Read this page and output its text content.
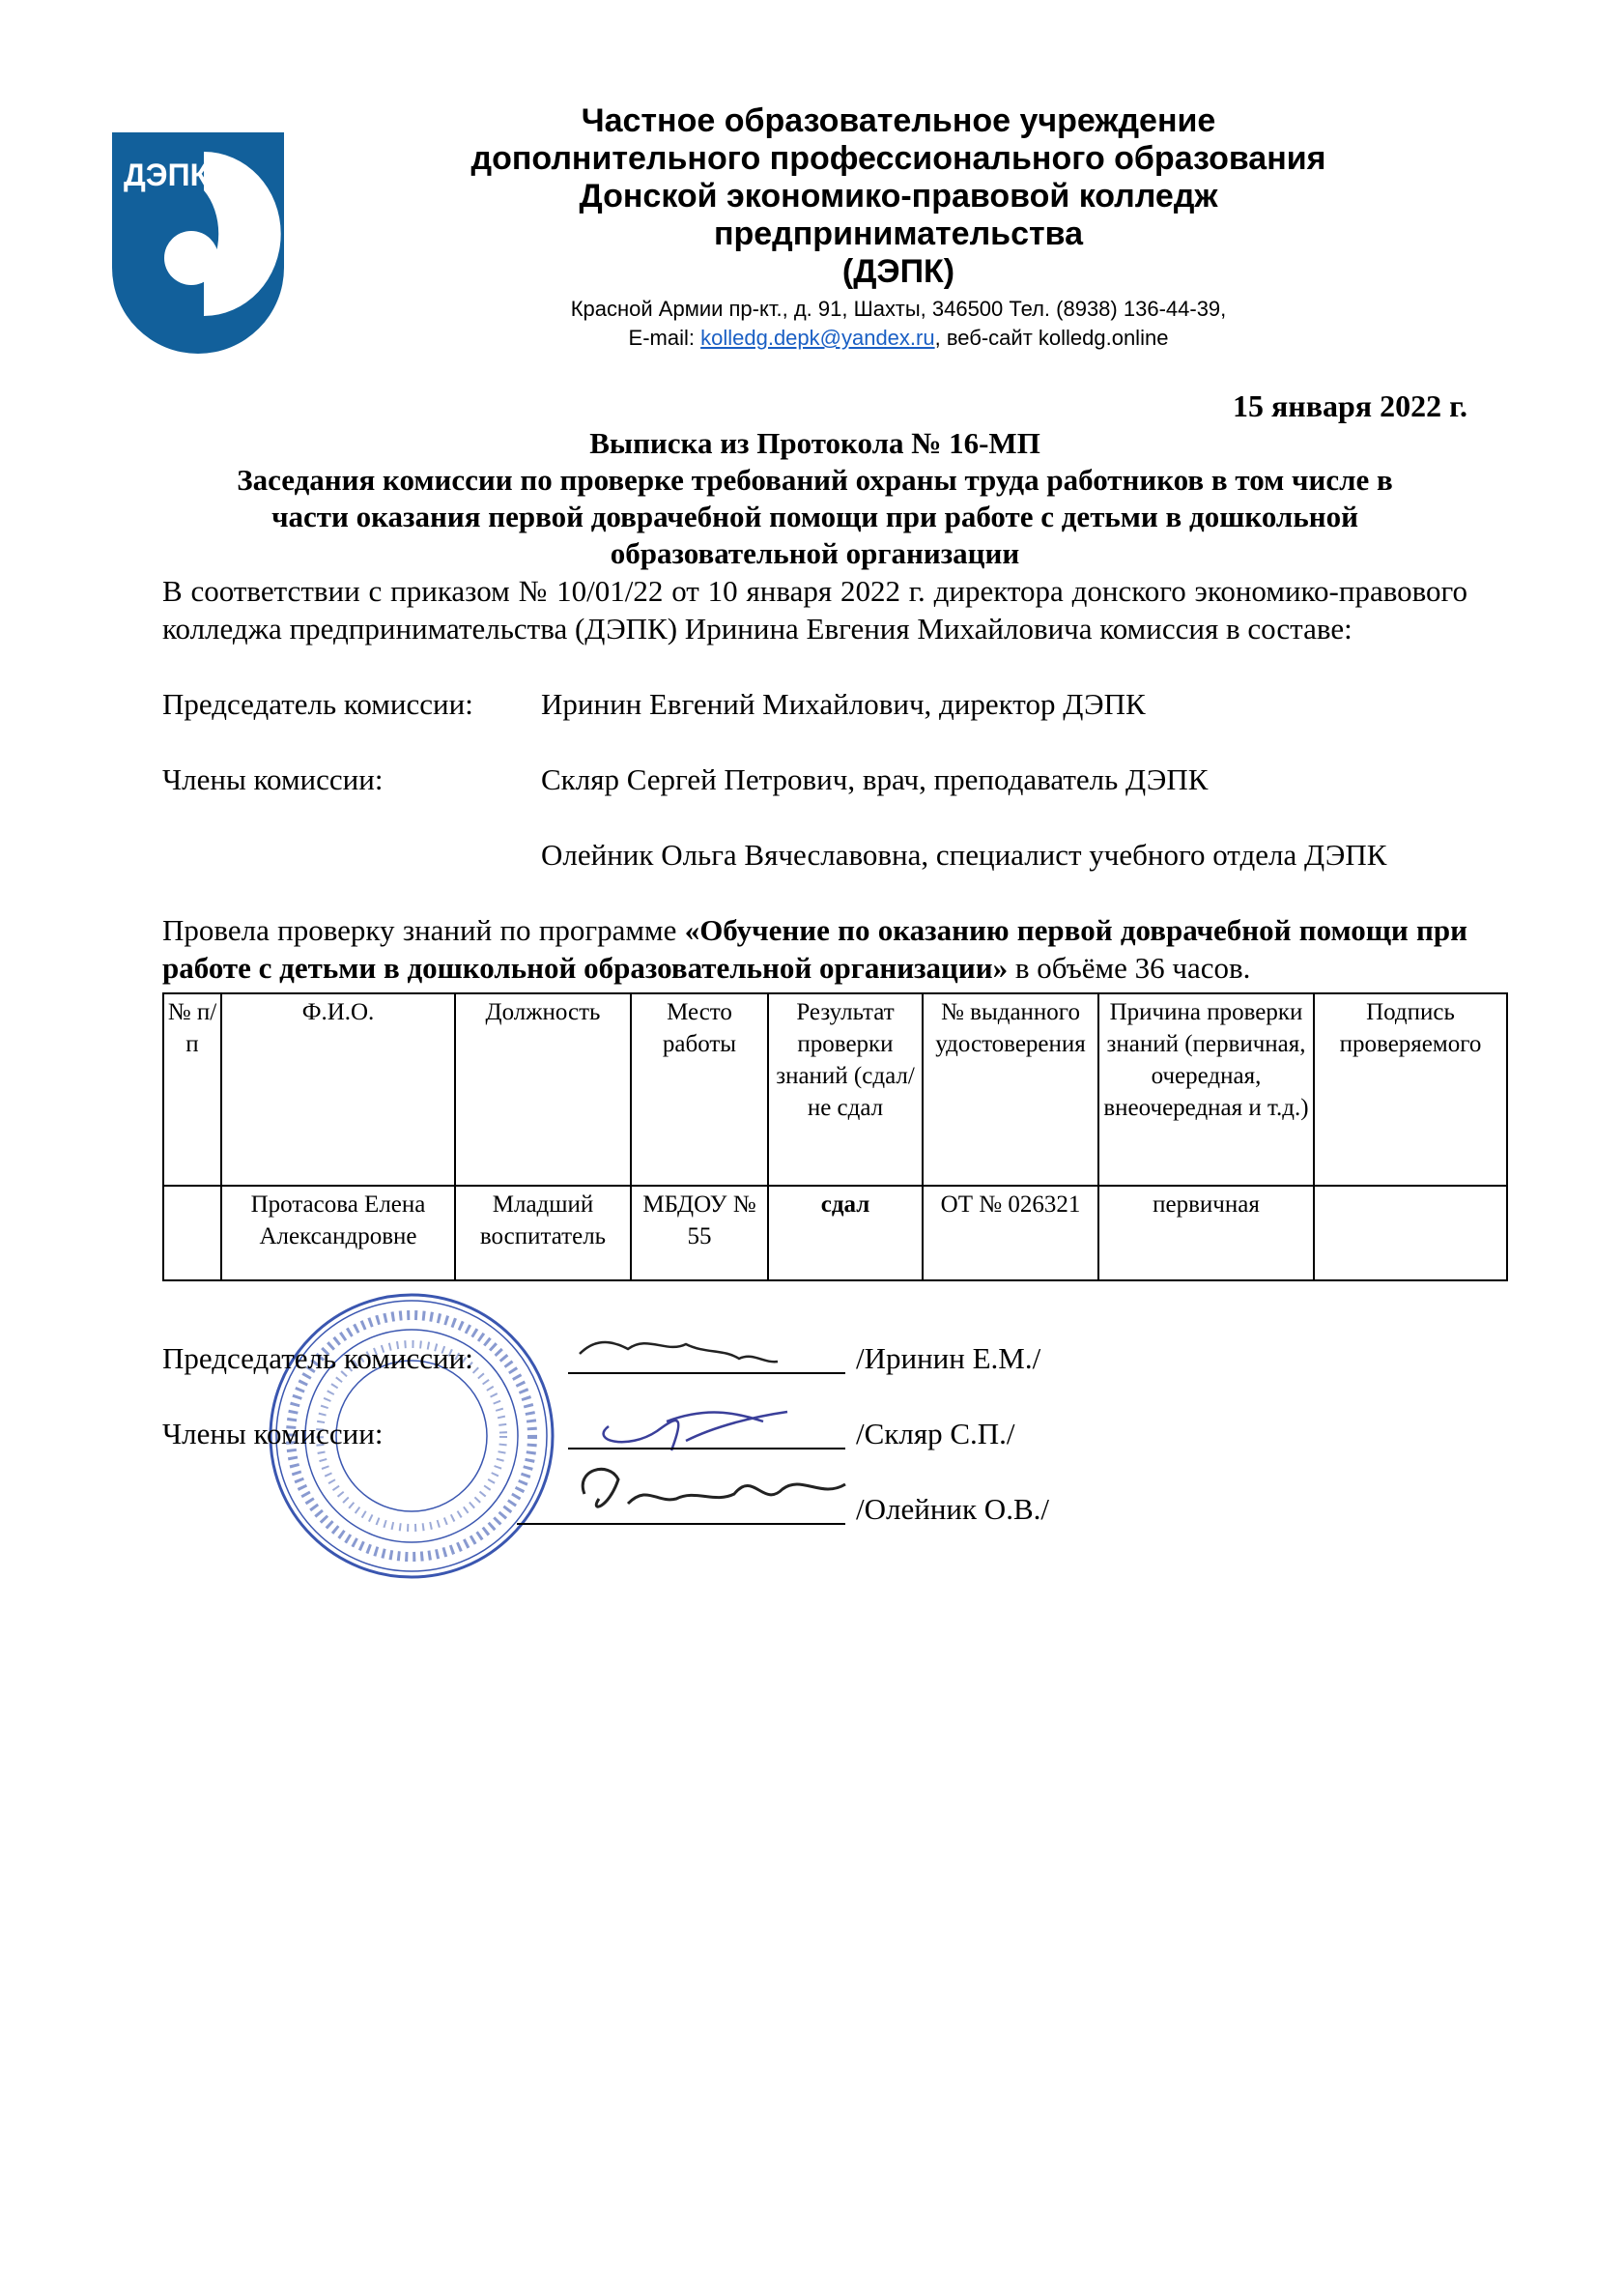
ДЭПК
Частное образовательное учреждение
дополнительного профессионального образования
Донской экономико-правовой колледж
предпринимательства
(ДЭПК)
Красной Армии пр-кт., д. 91, Шахты, 346500 Тел. (8938) 136-44-39,
E-mail: kolledg.depk@yandex.ru, веб-сайт kolledg.online
15 января 2022 г.
Выписка из Протокола № 16-МП
Заседания комиссии по проверке требований охраны труда работников в том числе в
части оказания первой доврачебной помощи при работе с детьми в дошкольной
образовательной организации
В соответствии с приказом № 10/01/22 от 10 января 2022 г. директора донского экономико-правового колледжа предпринимательства (ДЭПК) Иринина Евгения Михайловича комиссия в составе:
Председатель комиссии:	Иринин Евгений Михайлович, директор ДЭПК
Члены комиссии:	Скляр Сергей Петрович, врач, преподаватель ДЭПК
Олейник Ольга Вячеславовна, специалист учебного отдела ДЭПК
Провела проверку знаний по программе «Обучение по оказанию первой доврачебной помощи при работе с детьми в дошкольной образовательной организации» в объёме 36 часов.
№ п/п	Ф.И.О.	Должность	Место работы	Результат проверки знаний (сдал/не сдал	№ выданного удостоверения	Причина проверки знаний (первичная, очередная, внеочередная и т.д.)	Подпись проверяемого
	Протасова Елена Александровне	Младший воспитатель	МБДОУ № 55	сдал	ОТ № 026321	первичная	
Председатель комиссии:	/Иринин Е.М./
Члены комиссии:	/Скляр С.П./
/Олейник О.В./
